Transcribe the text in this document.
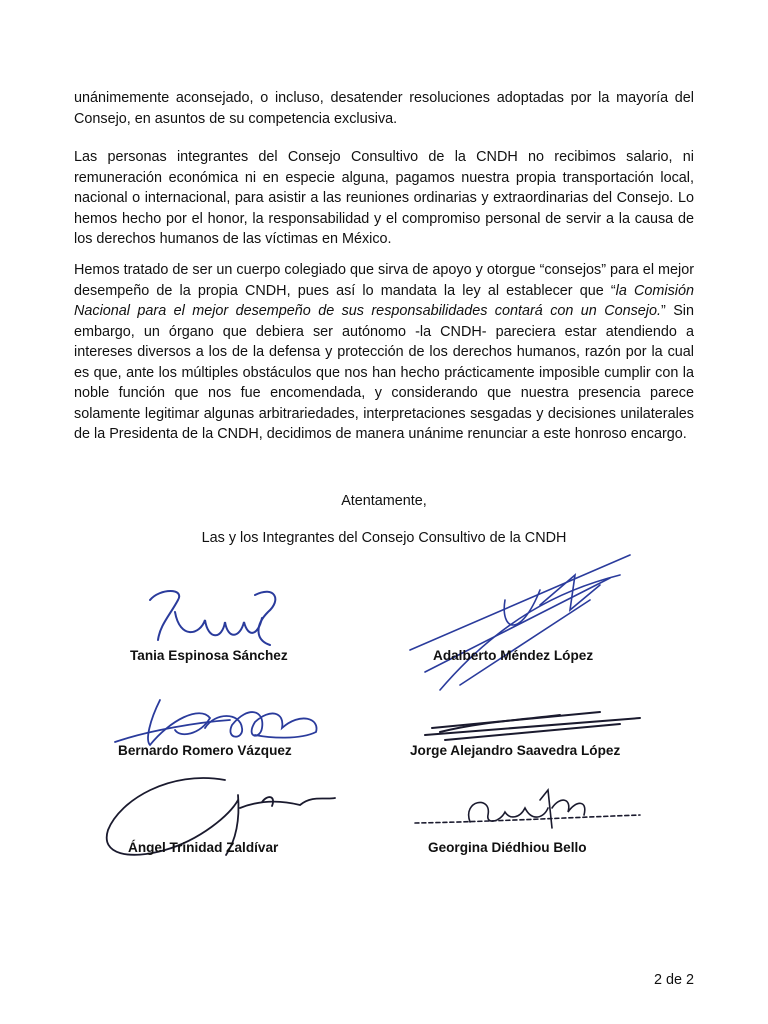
unánimemente aconsejado, o incluso, desatender resoluciones adoptadas por la mayoría del Consejo, en asuntos de su competencia exclusiva.

Las personas integrantes del Consejo Consultivo de la CNDH no recibimos salario, ni remuneración económica ni en especie alguna, pagamos nuestra propia transportación local, nacional o internacional, para asistir a las reuniones ordinarias y extraordinarias del Consejo. Lo hemos hecho por el honor, la responsabilidad y el compromiso personal de servir a la causa de los derechos humanos de las víctimas en México.

Hemos tratado de ser un cuerpo colegiado que sirva de apoyo y otorgue “consejos” para el mejor desempeño de la propia CNDH, pues así lo mandata la ley al establecer que “la Comisión Nacional para el mejor desempeño de sus responsabilidades contará con un Consejo.” Sin embargo, un órgano que debiera ser autónomo -la CNDH- pareciera estar atendiendo a intereses diversos a los de la defensa y protección de los derechos humanos, razón por la cual es que, ante los múltiples obstáculos que nos han hecho prácticamente imposible cumplir con la noble función que nos fue encomendada, y considerando que nuestra presencia parece solamente legitimar algunas arbitrariedades, interpretaciones sesgadas y decisiones unilaterales de la Presidenta de la CNDH, decidimos de manera unánime renunciar a este honroso encargo.

Atentamente,

Las y los Integrantes del Consejo Consultivo de la CNDH

Tania Espinosa Sánchez	Adalberto Méndez López

Bernardo Romero Vázquez	Jorge Alejandro Saavedra López

Ángel Trinidad Zaldívar	Georgina Diédhiou Bello

2 de 2
